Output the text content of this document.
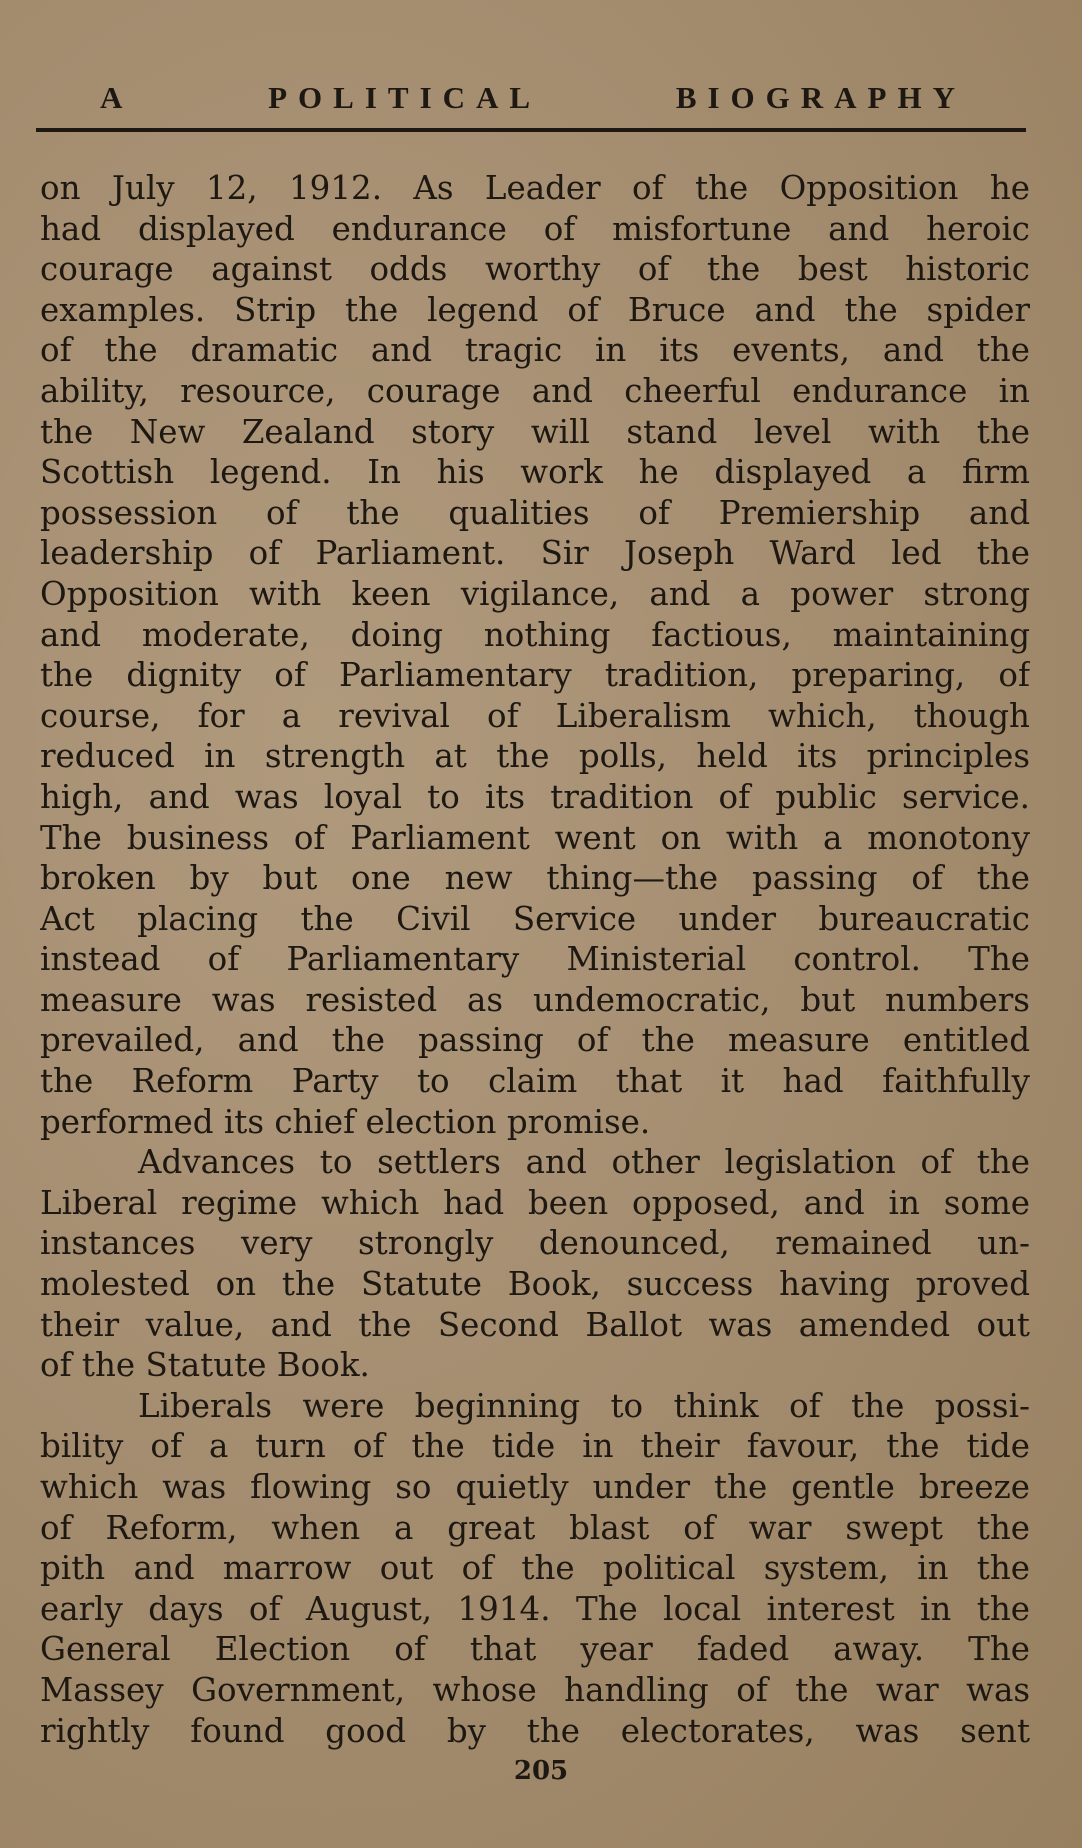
A	POLITICAL	BIOGRAPHY
on July 12, 1912. As Leader of the Opposition he
had displayed endurance of misfortune and heroic
courage against odds worthy of the best historic
examples. Strip the legend of Bruce and the spider
of the dramatic and tragic in its events, and the
ability, resource, courage and cheerful endurance in
the New Zealand story will stand level with the
Scottish legend. In his work he displayed a firm
possession of the qualities of Premiership and
leadership of Parliament. Sir Joseph Ward led the
Opposition with keen vigilance, and a power strong
and moderate, doing nothing factious, maintaining
the dignity of Parliamentary tradition, preparing, of
course, for a revival of Liberalism which, though
reduced in strength at the polls, held its principles
high, and was loyal to its tradition of public service.
The business of Parliament went on with a monotony
broken by but one new thing—the passing of the
Act placing the Civil Service under bureaucratic
instead of Parliamentary Ministerial control. The
measure was resisted as undemocratic, but numbers
prevailed, and the passing of the measure entitled
the Reform Party to claim that it had faithfully
performed its chief election promise.
Advances to settlers and other legislation of the
Liberal regime which had been opposed, and in some
instances very strongly denounced, remained un-
molested on the Statute Book, success having proved
their value, and the Second Ballot was amended out
of the Statute Book.
Liberals were beginning to think of the possi-
bility of a turn of the tide in their favour, the tide
which was flowing so quietly under the gentle breeze
of Reform, when a great blast of war swept the
pith and marrow out of the political system, in the
early days of August, 1914. The local interest in the
General Election of that year faded away. The
Massey Government, whose handling of the war was
rightly found good by the electorates, was sent
205
